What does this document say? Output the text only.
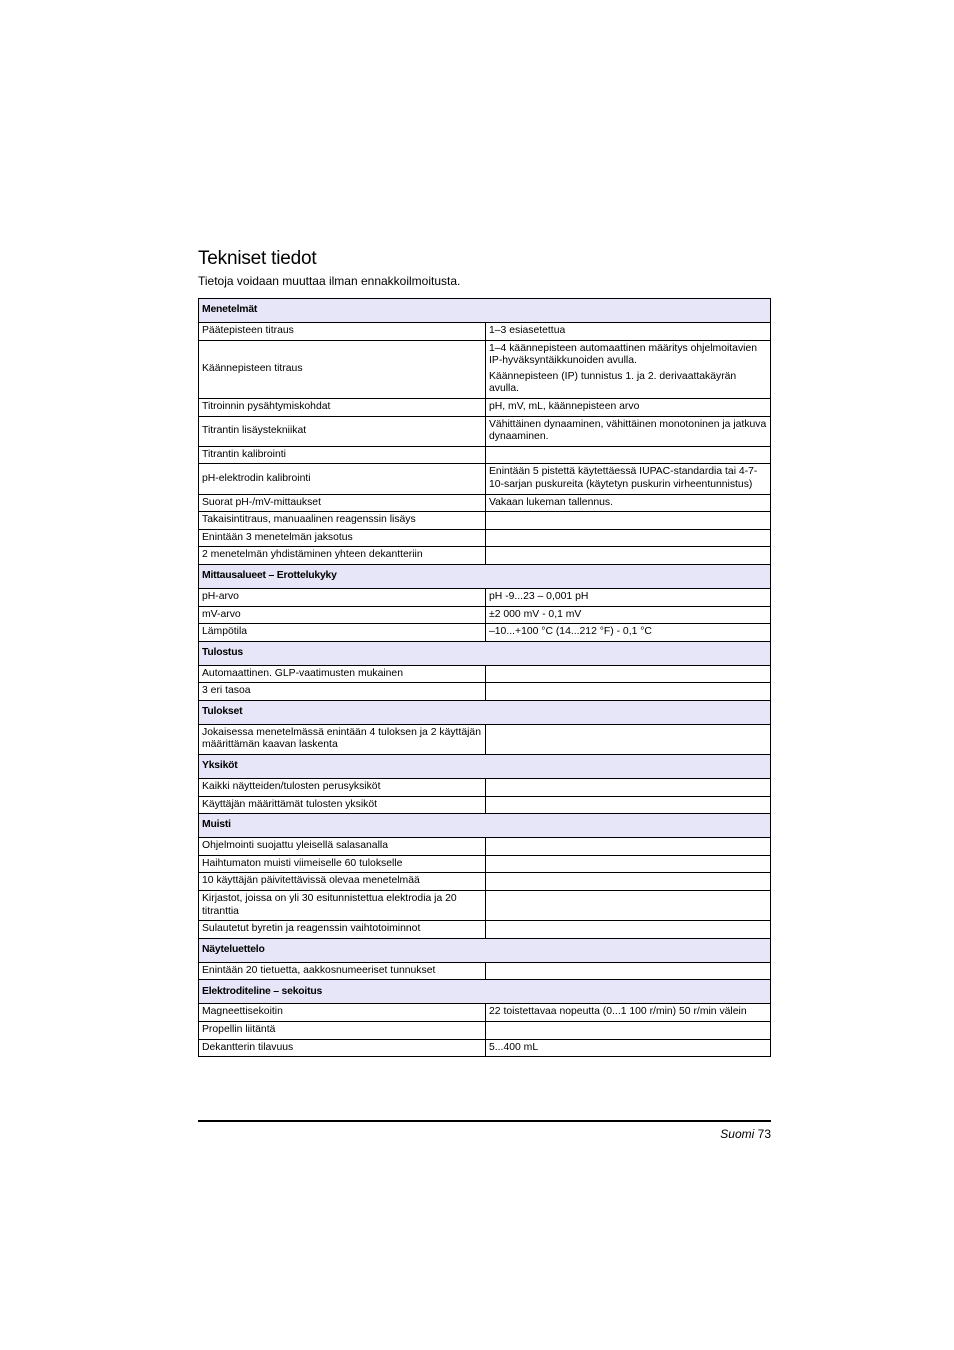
Tekniset tiedot

Tietoja voidaan muuttaa ilman ennakkoilmoitusta.

Menetelmät	
Päätepisteen titraus	1–3 esiasetettua

Käännepisteen titraus	1–4 käännepisteen automaattinen määritys ohjelmoitavien IP-hyväksyntäikkunoiden avulla.

Käännepisteen (IP) tunnistus 1. ja 2. derivaattakäyrän avulla.

Titroinnin pysähtymiskohdat	pH, mV, mL, käännepisteen arvo

Titrantin lisäystekniikat	Vähittäinen dynaaminen, vähittäinen monotoninen ja jatkuva dynaaminen.

Titrantin kalibrointi	
pH-elektrodin kalibrointi	Enintään 5 pistettä käytettäessä IUPAC-standardia tai 4-7-10-sarjan puskureita (käytetyn puskurin virheentunnistus)

Suorat pH-/mV-mittaukset	Vakaan lukeman tallennus.

Takaisintitraus, manuaalinen reagenssin lisäys	
Enintään 3 menetelmän jaksotus	
2 menetelmän yhdistäminen yhteen dekantteriin	
Mittausalueet – Erottelukyky	
pH-arvo	pH -9...23 – 0,001 pH

mV-arvo	±2 000 mV - 0,1 mV

Lämpötila	–10...+100 °C (14...212 °F) - 0,1 °C

Tulostus	
Automaattinen. GLP-vaatimusten mukainen	
3 eri tasoa	
Tulokset	
Jokaisessa menetelmässä enintään 4 tuloksen ja 2 käyttäjän määrittämän kaavan laskenta	
Yksiköt	
Kaikki näytteiden/tulosten perusyksiköt	
Käyttäjän määrittämät tulosten yksiköt	
Muisti	
Ohjelmointi suojattu yleisellä salasanalla	
Haihtumaton muisti viimeiselle 60 tulokselle	
10 käyttäjän päivitettävissä olevaa menetelmää	
Kirjastot, joissa on yli 30 esitunnistettua elektrodia ja 20 titranttia	
Sulautetut byretin ja reagenssin vaihtotoiminnot	
Näyteluettelo	
Enintään 20 tietuetta, aakkosnumeeriset tunnukset	
Elektroditeline – sekoitus	
Magneettisekoitin	22 toistettavaa nopeutta (0...1 100 r/min) 50 r/min välein

Propellin liitäntä	
Dekantterin tilavuus	5...400 mL

Suomi 73
